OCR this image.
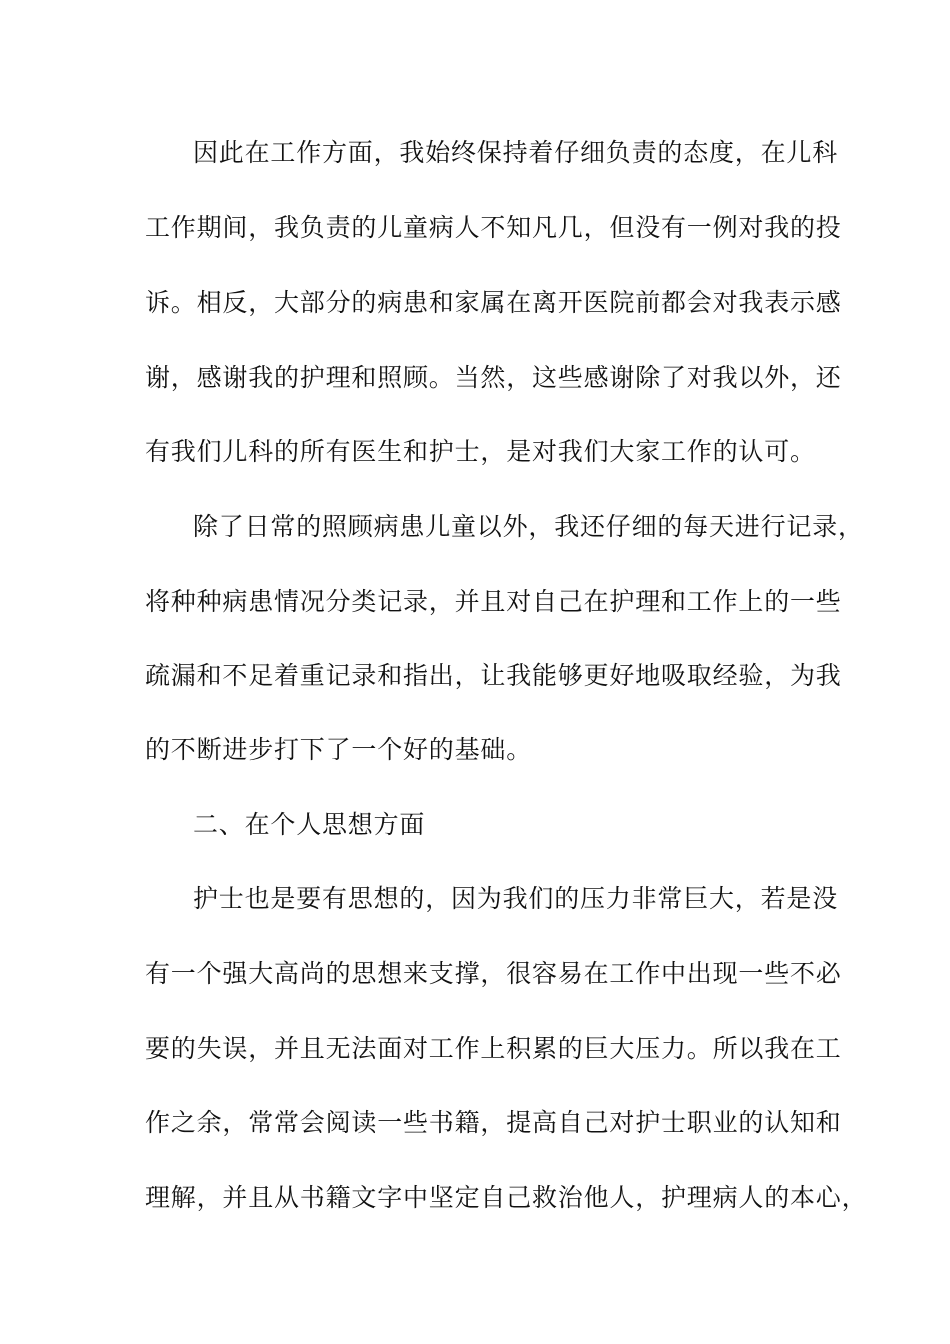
因此在工作方面，我始终保持着仔细负责的态度，在儿科
工作期间，我负责的儿童病人不知凡几，但没有一例对我的投
诉。相反，大部分的病患和家属在离开医院前都会对我表示感
谢，感谢我的护理和照顾。当然，这些感谢除了对我以外，还
有我们儿科的所有医生和护士，是对我们大家工作的认可。
除了日常的照顾病患儿童以外，我还仔细的每天进行记录，
将种种病患情况分类记录，并且对自己在护理和工作上的一些
疏漏和不足着重记录和指出，让我能够更好地吸取经验，为我
的不断进步打下了一个好的基础。
二、在个人思想方面
护士也是要有思想的，因为我们的压力非常巨大，若是没
有一个强大高尚的思想来支撑，很容易在工作中出现一些不必
要的失误，并且无法面对工作上积累的巨大压力。所以我在工
作之余，常常会阅读一些书籍，提高自己对护士职业的认知和
理解，并且从书籍文字中坚定自己救治他人，护理病人的本心，
